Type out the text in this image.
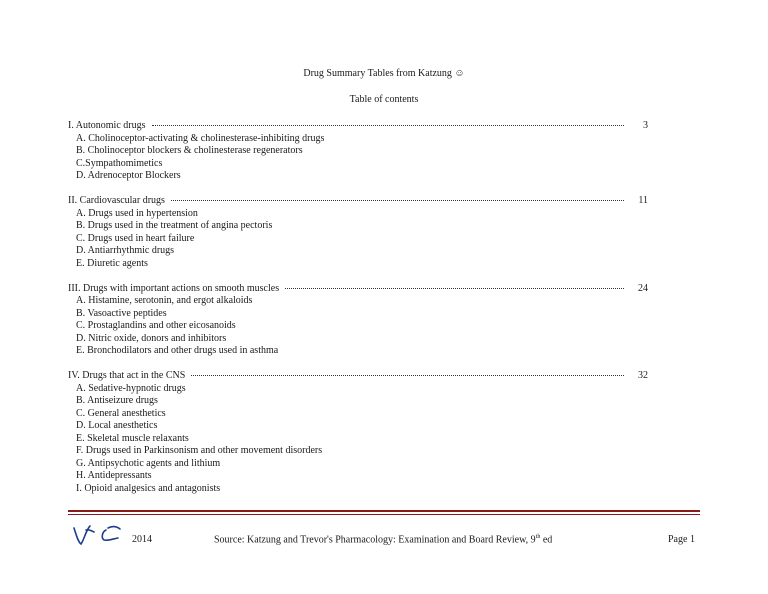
Drug Summary Tables from Katzung ☺
Table of contents
I. Autonomic drugs	3
A. Cholinoceptor-activating & cholinesterase-inhibiting drugs
B. Cholinoceptor blockers & cholinesterase regenerators
C.Sympathomimetics
D. Adrenoceptor Blockers
II. Cardiovascular drugs	11
A. Drugs used in hypertension
B. Drugs used in the treatment of angina pectoris
C. Drugs used in heart failure
D. Antiarrhythmic drugs
E. Diuretic agents
III. Drugs with important actions on smooth muscles	24
A. Histamine, serotonin, and ergot alkaloids
B. Vasoactive peptides
C. Prostaglandins and other eicosanoids
D. Nitric oxide, donors and inhibitors
E. Bronchodilators and other drugs used in asthma
IV. Drugs that act in the CNS	32
A. Sedative-hypnotic drugs
B. Antiseizure drugs
C. General anesthetics
D. Local anesthetics
E. Skeletal muscle relaxants
F. Drugs used in Parkinsonism and other movement disorders
G. Antipsychotic agents and lithium
H. Antidepressants
I. Opioid analgesics and antagonists
2014	Source: Katzung and Trevor's Pharmacology: Examination and Board Review, 9th ed	Page 1
